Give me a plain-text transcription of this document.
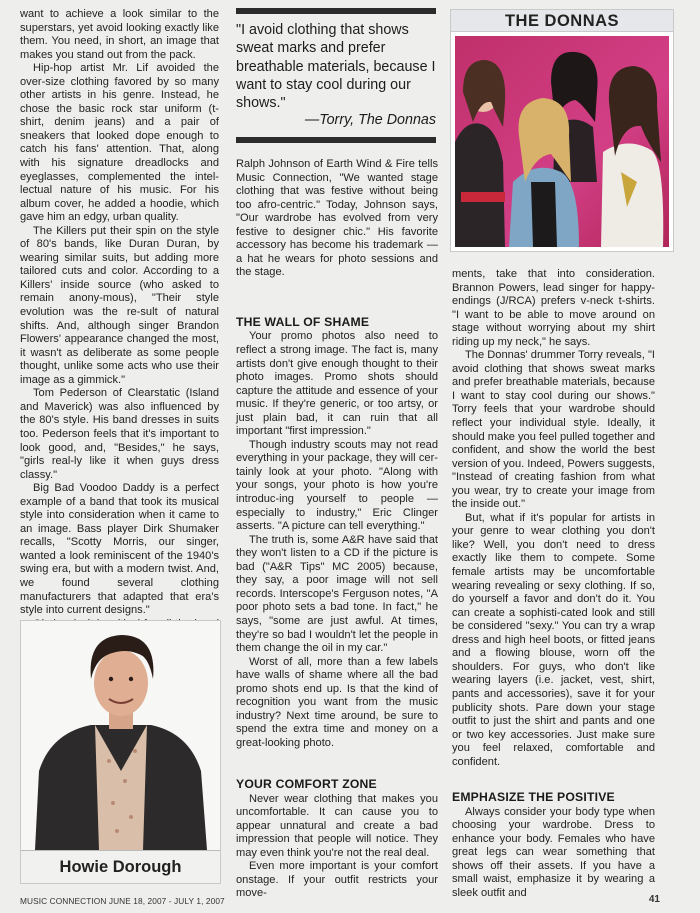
want to achieve a look similar to the superstars, yet avoid looking exactly like them. You need, in short, an image that makes you stand out from the pack.

Hip-hop artist Mr. Lif avoided the over-size clothing favored by so many other artists in his genre. Instead, he chose the basic rock star uniform (t-shirt, denim jeans) and a pair of sneakers that looked dope enough to catch his fans' attention. That, along with his signature dreadlocks and eyeglasses, complemented the intel-lectual nature of his music. For his album cover, he added a hoodie, which gave him an edgy, urban quality.

The Killers put their spin on the style of 80's bands, like Duran Duran, by wearing similar suits, but adding more tailored cuts and color. According to a Killers' inside source (who asked to remain anony-mous), "Their style evolution was the re-sult of natural shifts. And, although singer Brandon Flowers' appearance changed the most, it wasn't as deliberate as some people thought, unlike some acts who use their image as a gimmick."

Tom Pederson of Clearstatic (Island and Maverick) was also influenced by the 80's style. His band dresses in suits too. Pederson feels that it's important to look good, and, "Besides," he says, "girls real-ly like it when guys dress classy."

Big Bad Voodoo Daddy is a perfect example of a band that took its musical style into consideration when it came to an image. Bass player Dirk Shumaker recalls, "Scotty Morris, our singer, wanted a look reminiscent of the 1940's swing era, but with a modern twist. And, we found several clothing manufacturers that adapted that era's style into current designs."

"I avoid clothing that shows sweat marks and prefer breathable materials, because I want to stay cool during our shows."

—Torry, The Donnas

THE DONNAS

Ralph Johnson of Earth Wind & Fire tells Music Connection, "We wanted stage clothing that was festive without being too afro-centric." Today, Johnson says, "Our wardrobe has evolved from very festive to designer chic." His favorite accessory has become his trademark — a hat he wears for photo sessions and the stage.

THE WALL OF SHAME

Your promo photos also need to reflect a strong image. The fact is, many artists don't give enough thought to their photo images. Promo shots should capture the attitude and essence of your music. If they're generic, or too artsy, or just plain bad, it can ruin that all important "first impression."

Though industry scouts may not read everything in your package, they will cer-tainly look at your photo. "Along with your songs, your photo is how you're introduc-ing yourself to people — especially to industry," Eric Clinger asserts. "A picture can tell everything."

The truth is, some A&R have said that they won't listen to a CD if the picture is bad ("A&R Tips" MC 2005) because, they say, a poor image will not sell records. Interscope's Ferguson notes, "A poor photo sets a bad tone. In fact," he says, "some are just awful. At times, they're so bad I wouldn't let the people in them change the oil in my car."

Worst of all, more than a few labels have walls of shame where all the bad promo shots end up. Is that the kind of recognition you want from the music industry? Next time around, be sure to spend the extra time and money on a great-looking photo.

YOUR COMFORT ZONE

Never wear clothing that makes you uncomfortable. It can cause you to appear unnatural and create a bad impression that people will notice. They may even think you're not the real deal.

Even more important is your comfort onstage. If your outfit restricts your move-

ments, take that into consideration. Brannon Powers, lead singer for happy-endings (J/RCA) prefers v-neck t-shirts. "I want to be able to move around on stage without worrying about my shirt riding up my neck," he says.

The Donnas' drummer Torry reveals, "I avoid clothing that shows sweat marks and prefer breathable materials, because I want to stay cool during our shows." Torry feels that your wardrobe should reflect your individual style. Ideally, it should make you feel pulled together and confident, and show the world the best version of you. Indeed, Powers suggests, "Instead of creating fashion from what you wear, try to create your image from the inside out."

But, what if it's popular for artists in your genre to wear clothing you don't like? Well, you don't need to dress exactly like them to compete. Some female artists may be uncomfortable wearing revealing or sexy clothing. If so, do yourself a favor and don't do it. You can create a sophisti-cated look and still be considered "sexy." You can try a wrap dress and high heel boots, or fitted jeans and a flowing blouse, worn off the shoulders. For guys, who don't like wearing layers (i.e. jacket, vest, shirt, pants and accessories), save it for your publicity shots. Pare down your stage outfit to just the shirt and pants and one or two key accessories. Just make sure you feel relaxed, comfortable and confident.

EMPHASIZE THE POSITIVE

Always consider your body type when choosing your wardrobe. Dress to enhance your body. Females who have great legs can wear something that shows off their assets. If you have a small waist, emphasize it by wearing a sleek outfit and

Howie Dorough
MUSIC CONNECTION JUNE 18, 2007 - JULY 1, 2007	41
